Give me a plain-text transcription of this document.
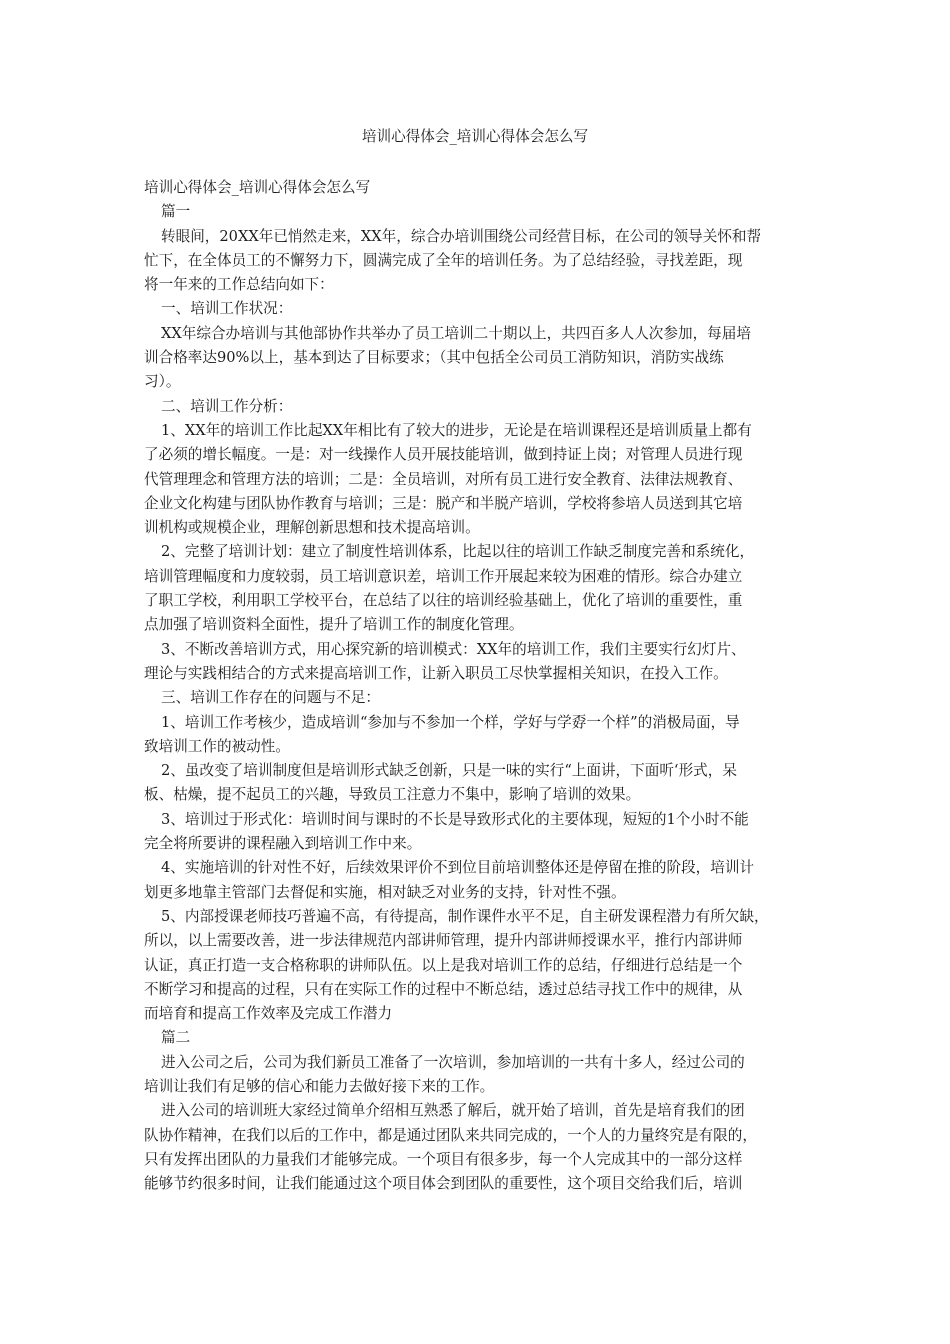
培训心得体会_培训心得体会怎么写
培训心得体会_培训心得体会怎么写
篇一
转眼间，20XX年已悄然走来，XX年，综合办培训围绕公司经营目标，在公司的领导关怀和帮
忙下，在全体员工的不懈努力下，圆满完成了全年的培训任务。为了总结经验，寻找差距，现
将一年来的工作总结向如下：
一、培训工作状况：
XX年综合办培训与其他部协作共举办了员工培训二十期以上，共四百多人人次参加，每届培
训合格率达90%以上，基本到达了目标要求；（其中包括全公司员工消防知识，消防实战练
习）。
二、培训工作分析：
1、XX年的培训工作比起XX年相比有了较大的进步，无论是在培训课程还是培训质量上都有
了必须的增长幅度。一是：对一线操作人员开展技能培训，做到持证上岗；对管理人员进行现
代管理理念和管理方法的培训；二是：全员培训，对所有员工进行安全教育、法律法规教育、
企业文化构建与团队协作教育与培训；三是：脱产和半脱产培训，学校将参培人员送到其它培
训机构或规模企业，理解创新思想和技术提高培训。
2、完整了培训计划：建立了制度性培训体系，比起以往的培训工作缺乏制度完善和系统化，
培训管理幅度和力度较弱，员工培训意识差，培训工作开展起来较为困难的情形。综合办建立
了职工学校，利用职工学校平台，在总结了以往的培训经验基础上，优化了培训的重要性，重
点加强了培训资料全面性，提升了培训工作的制度化管理。
3、不断改善培训方式，用心探究新的培训模式：XX年的培训工作，我们主要实行幻灯片、
理论与实践相结合的方式来提高培训工作，让新入职员工尽快掌握相关知识，在投入工作。
三、培训工作存在的问题与不足：
1、培训工作考核少，造成培训“参加与不参加一个样，学好与学孬一个样”的消极局面，导
致培训工作的被动性。
2、虽改变了培训制度但是培训形式缺乏创新，只是一味的实行“上面讲，下面听‘形式，呆
板、枯燥，提不起员工的兴趣，导致员工注意力不集中，影响了培训的效果。
3、培训过于形式化：培训时间与课时的不长是导致形式化的主要体现，短短的1个小时不能
完全将所要讲的课程融入到培训工作中来。
4、实施培训的针对性不好，后续效果评价不到位目前培训整体还是停留在推的阶段，培训计
划更多地靠主管部门去督促和实施，相对缺乏对业务的支持，针对性不强。
5、内部授课老师技巧普遍不高，有待提高，制作课件水平不足，自主研发课程潜力有所欠缺，
所以，以上需要改善，进一步法律规范内部讲师管理，提升内部讲师授课水平，推行内部讲师
认证，真正打造一支合格称职的讲师队伍。以上是我对培训工作的总结，仔细进行总结是一个
不断学习和提高的过程，只有在实际工作的过程中不断总结，透过总结寻找工作中的规律，从
而培育和提高工作效率及完成工作潜力
篇二
进入公司之后，公司为我们新员工准备了一次培训，参加培训的一共有十多人，经过公司的
培训让我们有足够的信心和能力去做好接下来的工作。
进入公司的培训班大家经过简单介绍相互熟悉了解后，就开始了培训，首先是培育我们的团
队协作精神，在我们以后的工作中，都是通过团队来共同完成的，一个人的力量终究是有限的，
只有发挥出团队的力量我们才能够完成。一个项目有很多步，每一个人完成其中的一部分这样
能够节约很多时间，让我们能通过这个项目体会到团队的重要性，这个项目交给我们后，培训
